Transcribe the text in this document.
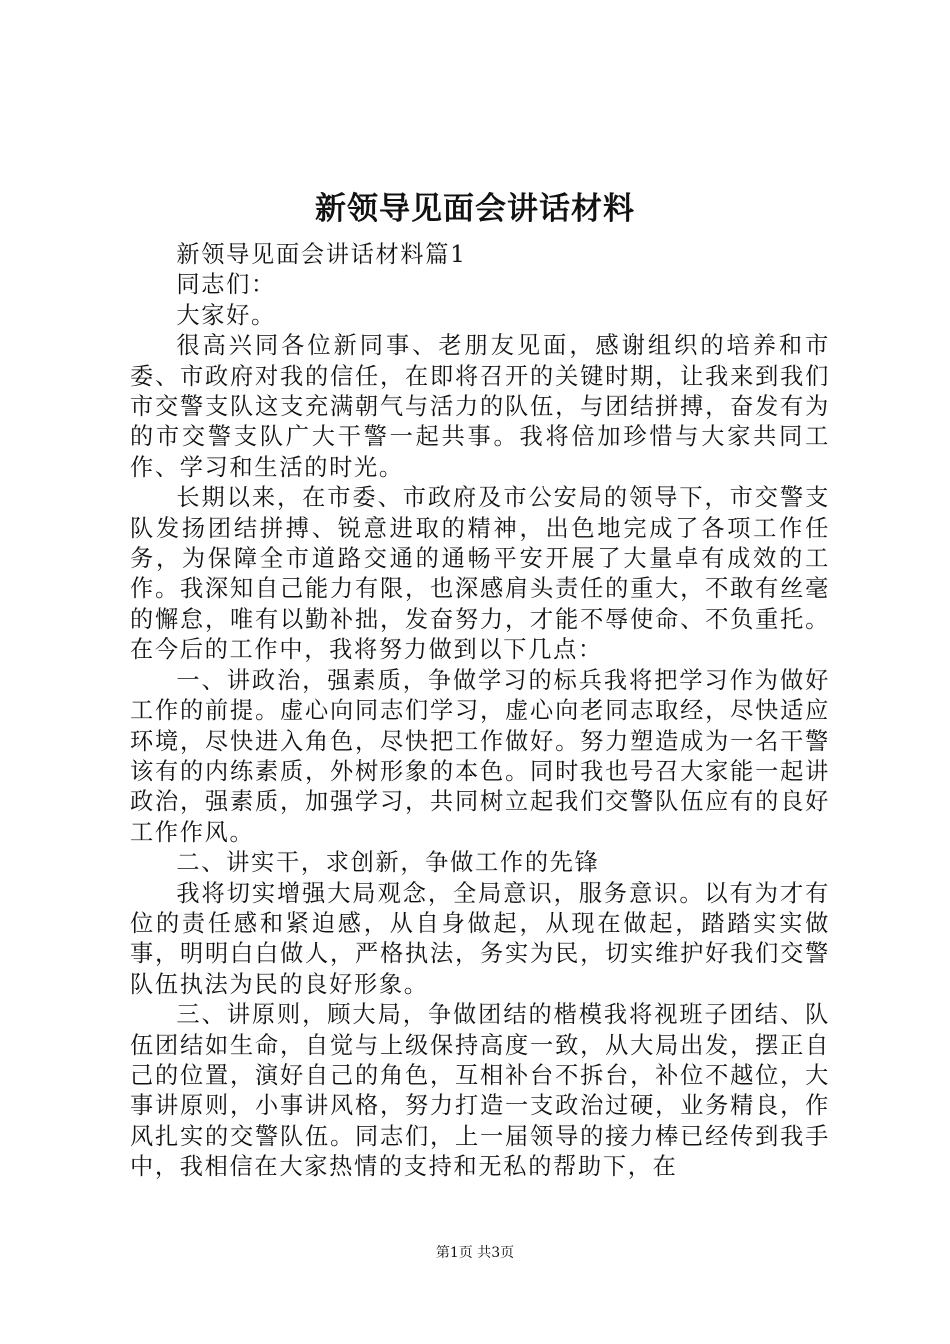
新领导见面会讲话材料

新领导见面会讲话材料篇1

同志们：

大家好。

很高兴同各位新同事、老朋友见面，感谢组织的培养和市委、市政府对我的信任，在即将召开的关键时期，让我来到我们市交警支队这支充满朝气与活力的队伍，与团结拼搏，奋发有为的市交警支队广大干警一起共事。我将倍加珍惜与大家共同工作、学习和生活的时光。

长期以来，在市委、市政府及市公安局的领导下，市交警支队发扬团结拼搏、锐意进取的精神，出色地完成了各项工作任务，为保障全市道路交通的通畅平安开展了大量卓有成效的工作。我深知自己能力有限，也深感肩头责任的重大，不敢有丝毫的懈怠，唯有以勤补拙，发奋努力，才能不辱使命、不负重托。在今后的工作中，我将努力做到以下几点：

一、讲政治，强素质，争做学习的标兵我将把学习作为做好工作的前提。虚心向同志们学习，虚心向老同志取经，尽快适应环境，尽快进入角色，尽快把工作做好。努力塑造成为一名干警该有的内练素质，外树形象的本色。同时我也号召大家能一起讲政治，强素质，加强学习，共同树立起我们交警队伍应有的良好工作作风。

二、讲实干，求创新，争做工作的先锋

我将切实增强大局观念，全局意识，服务意识。以有为才有位的责任感和紧迫感，从自身做起，从现在做起，踏踏实实做事，明明白白做人，严格执法，务实为民，切实维护好我们交警队伍执法为民的良好形象。

三、讲原则，顾大局，争做团结的楷模我将视班子团结、队伍团结如生命，自觉与上级保持高度一致，从大局出发，摆正自己的位置，演好自己的角色，互相补台不拆台，补位不越位，大事讲原则，小事讲风格，努力打造一支政治过硬，业务精良，作风扎实的交警队伍。同志们，上一届领导的接力棒已经传到我手中，我相信在大家热情的支持和无私的帮助下，在

第1页 共3页
